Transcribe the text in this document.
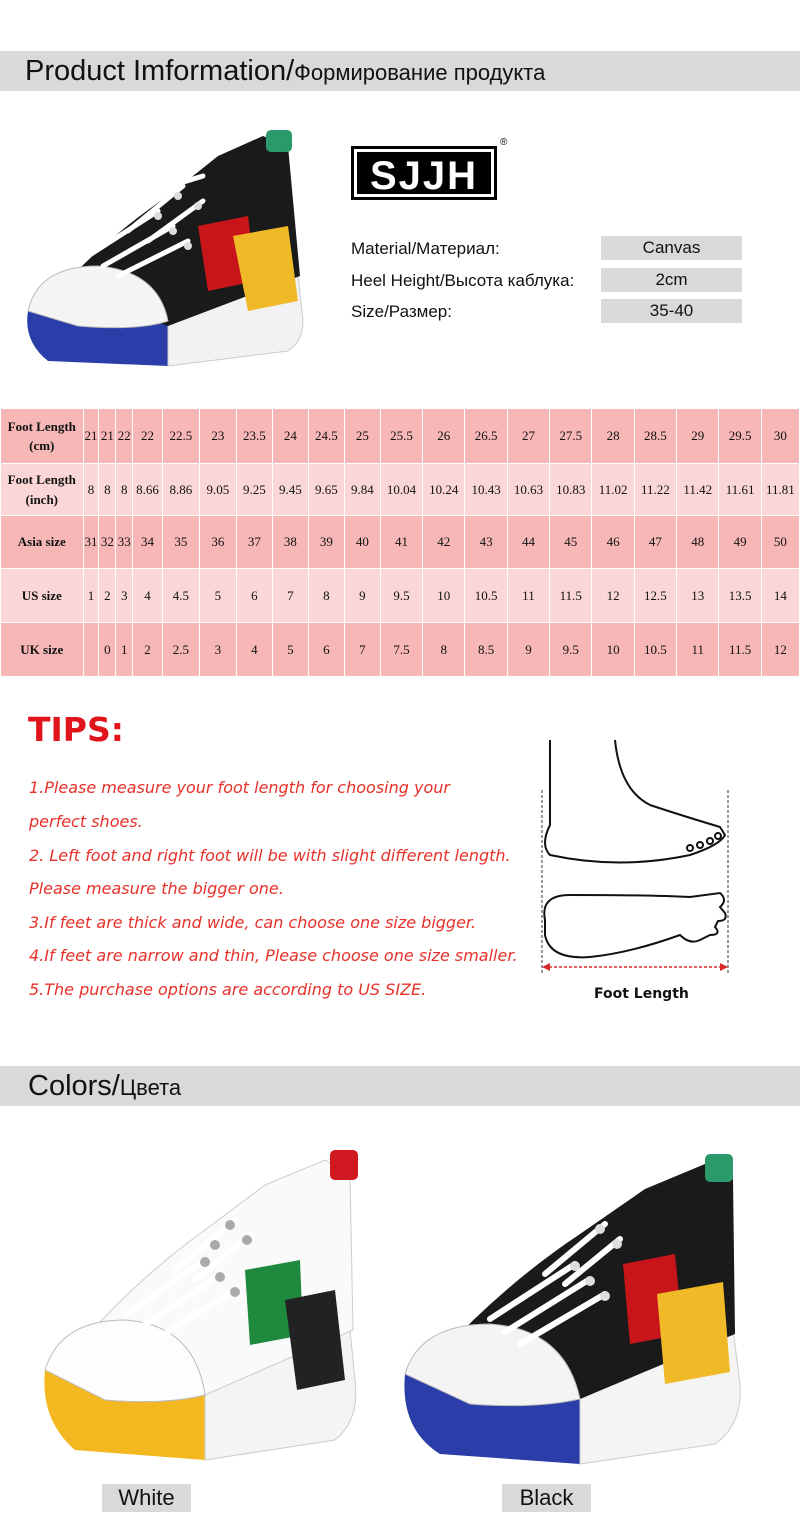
Product Imformation/Формирование продукта
SJJH
®
Material/Материал:	Canvas
Heel Height/Высота каблука:	2cm
Size/Размер:	35-40
Foot Length
(cm)	21	21	22	22	22.5	23	23.5	24	24.5	25	25.5	26	26.5	27	27.5	28	28.5	29	29.5	30

Foot Length
(inch)	8	8	8	8.66	8.86	9.05	9.25	9.45	9.65	9.84	10.04	10.24	10.43	10.63	10.83	11.02	11.22	11.42	11.61	11.81

Asia size	31	32	33	34	35	36	37	38	39	40	41	42	43	44	45	46	47	48	49	50

US size	1	2	3	4	4.5	5	6	7	8	9	9.5	10	10.5	11	11.5	12	12.5	13	13.5	14

UK size		0	1	2	2.5	3	4	5	6	7	7.5	8	8.5	9	9.5	10	10.5	11	11.5	12
TIPS:
1.Please measure your foot length for choosing your
perfect shoes.
2. Left foot and right foot will be with slight different length.
Please measure the bigger one.
3.If feet are thick and wide, can choose one size bigger.
4.If feet are narrow and thin, Please choose one size smaller.
5.The purchase options are according to US SIZE.	Foot Length
Colors/Цвета
White	Black
